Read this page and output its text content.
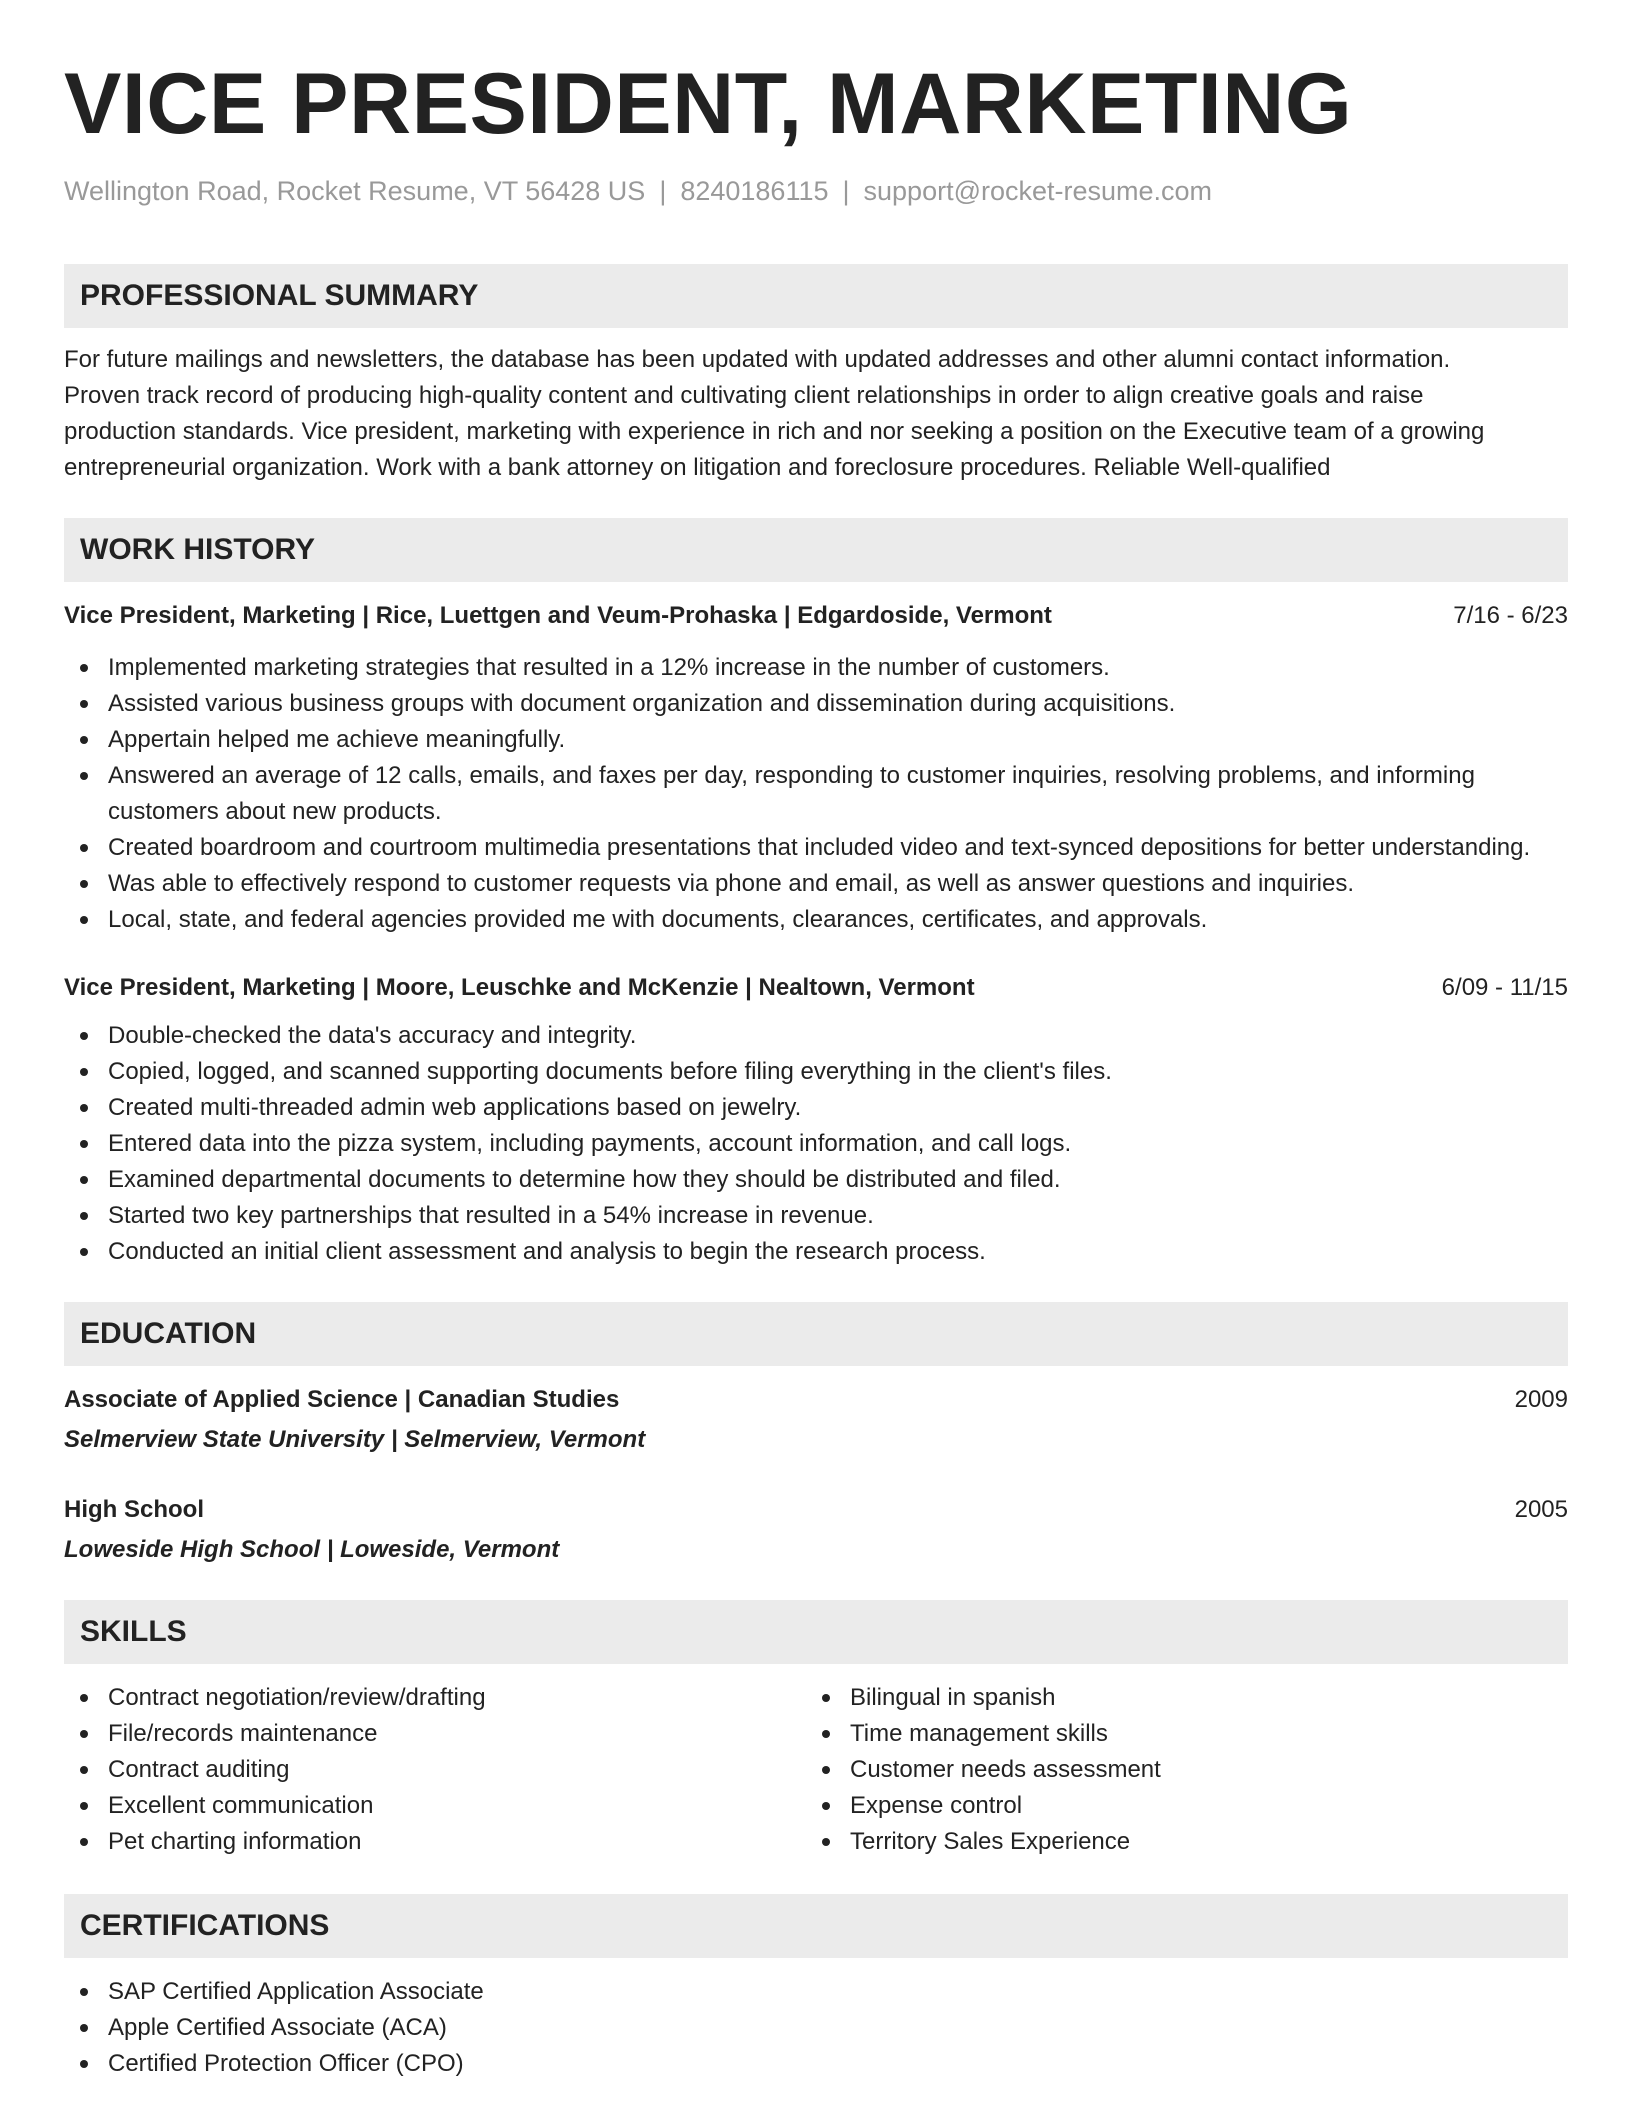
VICE PRESIDENT, MARKETING
Wellington Road, Rocket Resume, VT 56428 US | 8240186115 | support@rocket-resume.com
PROFESSIONAL SUMMARY
For future mailings and newsletters, the database has been updated with updated addresses and other alumni contact information.
Proven track record of producing high-quality content and cultivating client relationships in order to align creative goals and raise
production standards. Vice president, marketing with experience in rich and nor seeking a position on the Executive team of a growing
entrepreneurial organization. Work with a bank attorney on litigation and foreclosure procedures. Reliable Well-qualified
WORK HISTORY
Vice President, Marketing | Rice, Luettgen and Veum-Prohaska | Edgardoside, Vermont	7/16 - 6/23
Implemented marketing strategies that resulted in a 12% increase in the number of customers.
Assisted various business groups with document organization and dissemination during acquisitions.
Appertain helped me achieve meaningfully.
Answered an average of 12 calls, emails, and faxes per day, responding to customer inquiries, resolving problems, and informing customers about new products.
Created boardroom and courtroom multimedia presentations that included video and text-synced depositions for better understanding.
Was able to effectively respond to customer requests via phone and email, as well as answer questions and inquiries.
Local, state, and federal agencies provided me with documents, clearances, certificates, and approvals.
Vice President, Marketing | Moore, Leuschke and McKenzie | Nealtown, Vermont	6/09 - 11/15
Double-checked the data's accuracy and integrity.
Copied, logged, and scanned supporting documents before filing everything in the client's files.
Created multi-threaded admin web applications based on jewelry.
Entered data into the pizza system, including payments, account information, and call logs.
Examined departmental documents to determine how they should be distributed and filed.
Started two key partnerships that resulted in a 54% increase in revenue.
Conducted an initial client assessment and analysis to begin the research process.
EDUCATION
Associate of Applied Science | Canadian Studies	2009
Selmerview State University | Selmerview, Vermont
High School	2005
Loweside High School | Loweside, Vermont
SKILLS
Contract negotiation/review/drafting
File/records maintenance
Contract auditing
Excellent communication
Pet charting information
Bilingual in spanish
Time management skills
Customer needs assessment
Expense control
Territory Sales Experience
CERTIFICATIONS
SAP Certified Application Associate
Apple Certified Associate (ACA)
Certified Protection Officer (CPO)
